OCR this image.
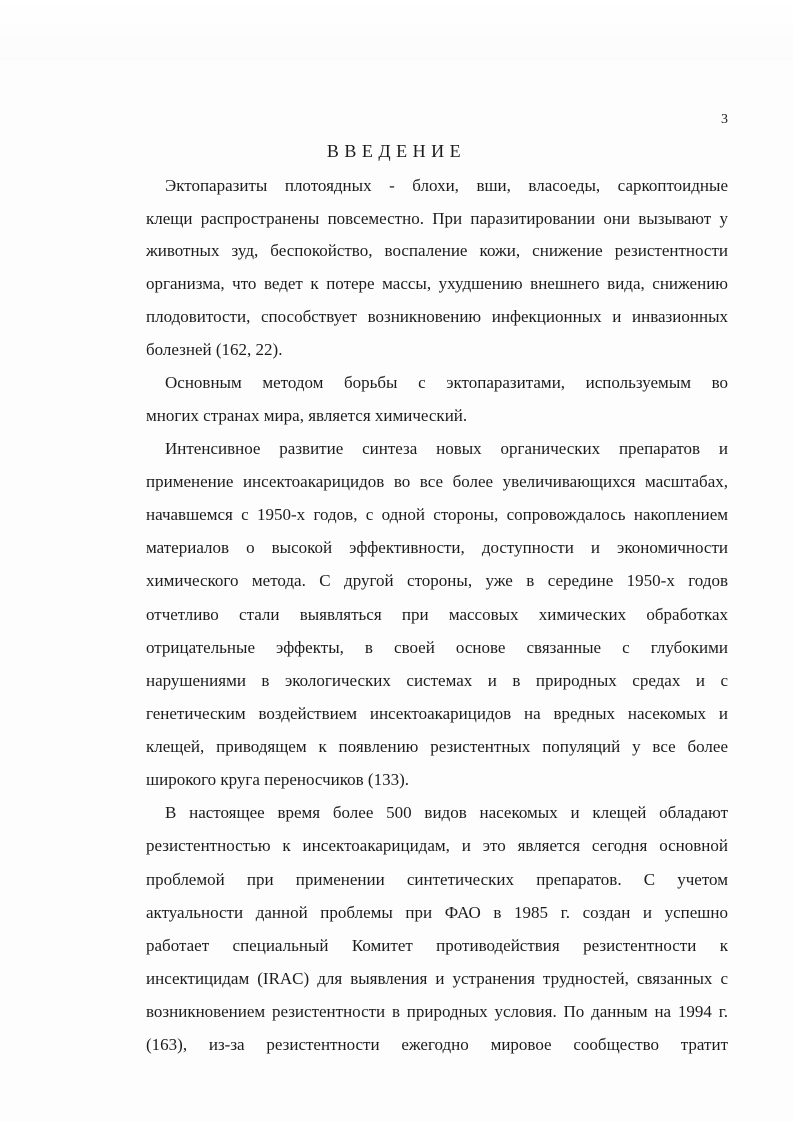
3
ВВЕДЕНИЕ
Эктопаразиты плотоядных - блохи, вши, власоеды, саркоптоидные
клещи распространены повсеместно. При паразитировании они вызывают у
животных зуд, беспокойство, воспаление кожи, снижение резистентности
организма, что ведет к потере массы, ухудшению внешнего вида, снижению
плодовитости, способствует возникновению инфекционных и инвазионных
болезней (162, 22).
Основным методом борьбы с эктопаразитами, используемым во
многих странах мира, является химический.
Интенсивное развитие синтеза новых органических препаратов и
применение инсектоакарицидов во все более увеличивающихся масштабах,
начавшемся с 1950-х годов, с одной стороны, сопровождалось накоплением
материалов о высокой эффективности, доступности и экономичности
химического метода. С другой стороны, уже в середине 1950-х годов
отчетливо стали выявляться при массовых химических обработках
отрицательные эффекты, в своей основе связанные с глубокими
нарушениями в экологических системах и в природных средах и с
генетическим воздействием инсектоакарицидов на вредных насекомых и
клещей, приводящем к появлению резистентных популяций у все более
широкого круга переносчиков (133).
В настоящее время более 500 видов насекомых и клещей обладают
резистентностью к инсектоакарицидам, и это является сегодня основной
проблемой при применении синтетических препаратов. С учетом
актуальности данной проблемы при ФАО в 1985 г. создан и успешно
работает специальный Комитет противодействия резистентности к
инсектицидам (IRAC) для выявления и устранения трудностей, связанных с
возникновением резистентности в природных условия. По данным на 1994 г.
(163), из-за резистентности ежегодно мировое сообщество тратит
